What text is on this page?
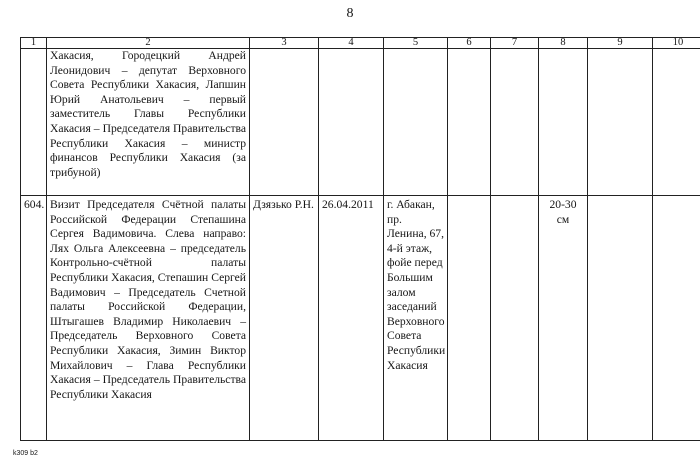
8
1	2	3	4	5	6	7	8	9	10
	Хакасия, Городецкий Андрей Леонидович – депутат Верховного Совета Республики Хакасия, Лапшин Юрий Анатольевич – первый заместитель Главы Республики Хакасия – Председателя Правительства Республики Хакасия – министр финансов Республики Хакасия (за трибуной)								
604.	Визит Председателя Счётной палаты Российской Федерации Степашина Сергея Вадимовича. Слева направо: Лях Ольга Алексеевна – председатель Контрольно-счётной палаты Республики Хакасия, Степашин Сергей Вадимович – Председатель Счетной палаты Российской Федерации, Штыгашев Владимир Николаевич – Председатель Верховного Совета Республики Хакасия, Зимин Виктор Михайлович – Глава Республики Хакасия – Председатель Правительства Республики Хакасия	Дзязько Р.Н.	26.04.2011	г. Абакан, пр. Ленина, 67, 4-й этаж, фойе перед Большим залом заседаний Верховного Совета Республики Хакасия			20-30 см		
k309 b2
